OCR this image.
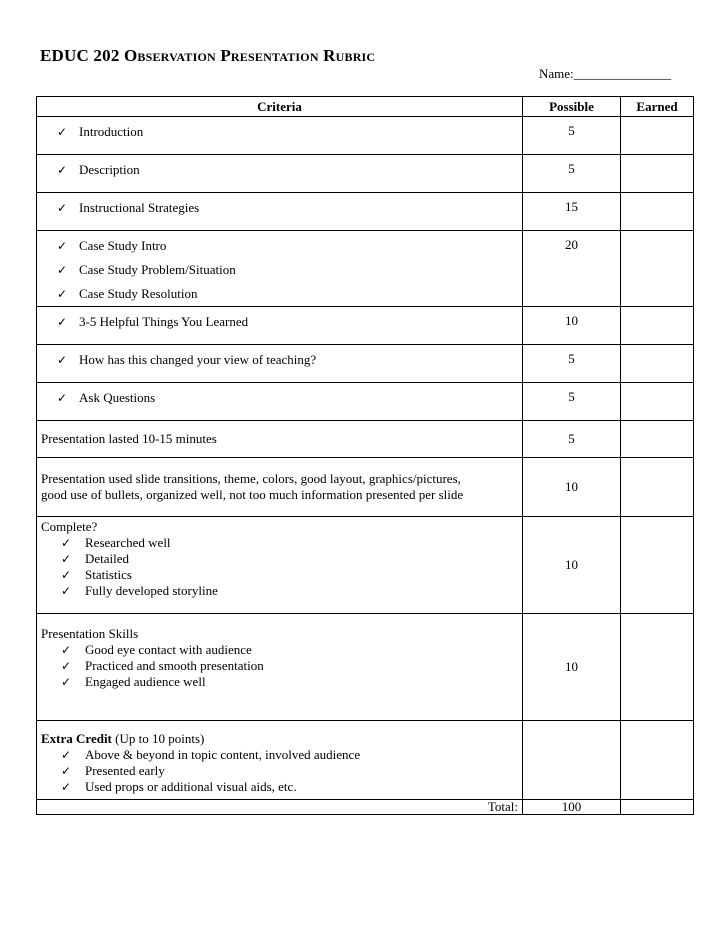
EDUC 202 Observation Presentation Rubric
Name:_______________
Criteria	Possible	Earned

✓ Introduction	5	

✓ Description	5	

✓ Instructional Strategies	15	

✓ Case Study Intro
✓ Case Study Problem/Situation
✓ Case Study Resolution	20	

✓ 3-5 Helpful Things You Learned	10	

✓ How has this changed your view of teaching?	5	

✓ Ask Questions	5	

Presentation lasted 10-15 minutes	5	

Presentation used slide transitions, theme, colors, good layout, graphics/pictures,
good use of bullets, organized well, not too much information presented per slide	10	

Complete?
✓ Researched well
✓ Detailed
✓ Statistics
✓ Fully developed storyline	10	

Presentation Skills
✓ Good eye contact with audience
✓ Practiced and smooth presentation
✓ Engaged audience well	10	

Extra Credit (Up to 10 points)
✓ Above & beyond in topic content, involved audience
✓ Presented early
✓ Used props or additional visual aids, etc.		

Total:	100	
